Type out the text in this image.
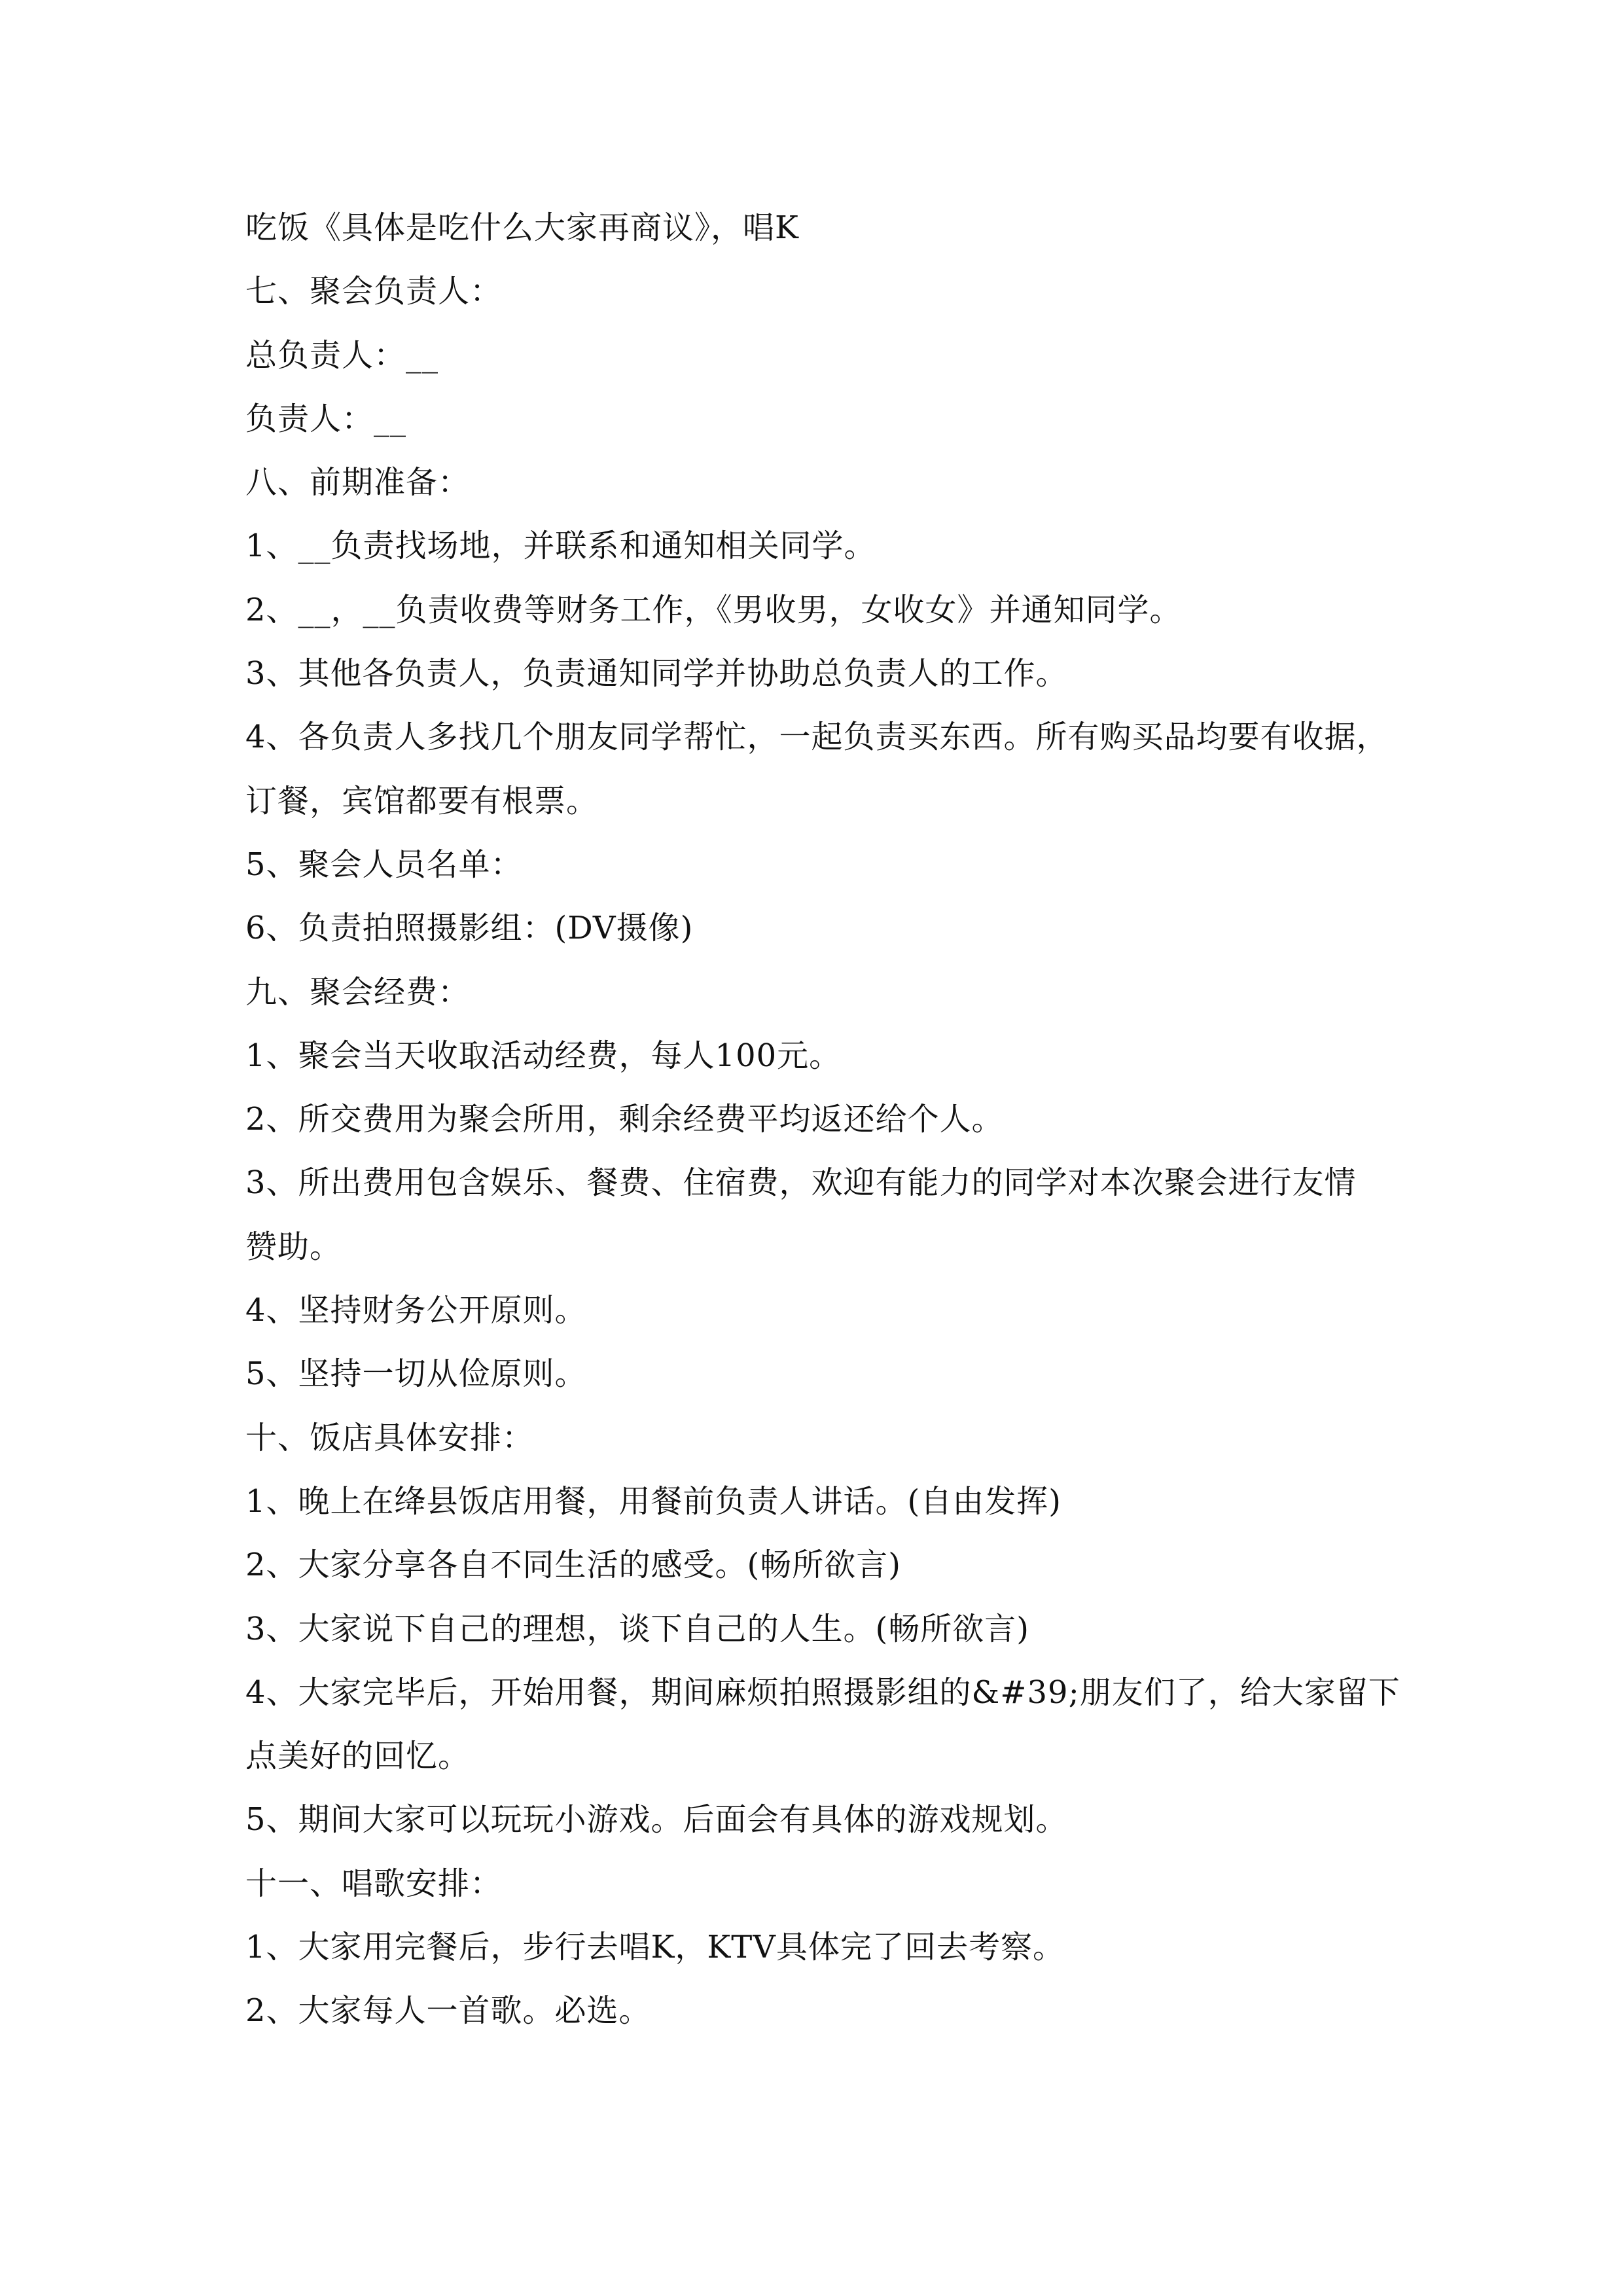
吃饭《具体是吃什么大家再商议》，唱K
七、聚会负责人：
总负责人：__
负责人：__
八、前期准备：
1、__负责找场地，并联系和通知相关同学。
2、__，__负责收费等财务工作，《男收男，女收女》并通知同学。
3、其他各负责人，负责通知同学并协助总负责人的工作。
4、各负责人多找几个朋友同学帮忙，一起负责买东西。所有购买品均要有收据，
订餐，宾馆都要有根票。
5、聚会人员名单：
6、负责拍照摄影组：(DV摄像)
九、聚会经费：
1、聚会当天收取活动经费，每人100元。
2、所交费用为聚会所用，剩余经费平均返还给个人。
3、所出费用包含娱乐、餐费、住宿费，欢迎有能力的同学对本次聚会进行友情
赞助。
4、坚持财务公开原则。
5、坚持一切从俭原则。
十、饭店具体安排：
1、晚上在绛县饭店用餐，用餐前负责人讲话。(自由发挥)
2、大家分享各自不同生活的感受。(畅所欲言)
3、大家说下自己的理想，谈下自己的人生。(畅所欲言)
4、大家完毕后，开始用餐，期间麻烦拍照摄影组的&#39;朋友们了，给大家留下
点美好的回忆。
5、期间大家可以玩玩小游戏。后面会有具体的游戏规划。
十一、唱歌安排：
1、大家用完餐后，步行去唱K，KTV具体完了回去考察。
2、大家每人一首歌。必选。
